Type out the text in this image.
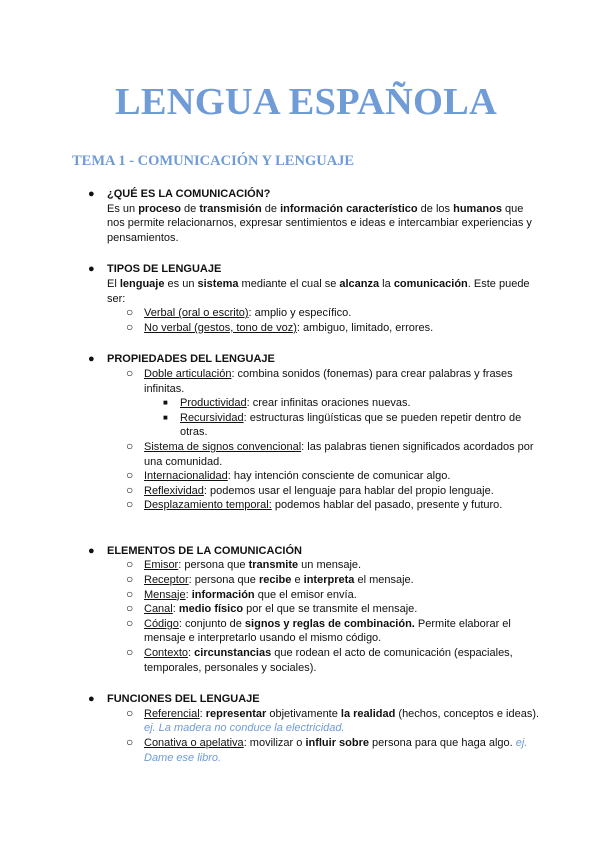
LENGUA ESPAÑOLA
TEMA 1 - COMUNICACIÓN Y LENGUAJE
● ¿QUÉ ES LA COMUNICACIÓN?
Es un proceso de transmisión de información característico de los humanos que nos permite relacionarnos, expresar sentimientos e ideas e intercambiar experiencias y pensamientos.
● TIPOS DE LENGUAJE
El lenguaje es un sistema mediante el cual se alcanza la comunicación. Este puede ser:
○ Verbal (oral o escrito): amplio y específico.
○ No verbal (gestos, tono de voz): ambiguo, limitado, errores.
● PROPIEDADES DEL LENGUAJE
○ Doble articulación: combina sonidos (fonemas) para crear palabras y frases infinitas.
■ Productividad: crear infinitas oraciones nuevas.
■ Recursividad: estructuras lingüísticas que se pueden repetir dentro de otras.
○ Sistema de signos convencional: las palabras tienen significados acordados por una comunidad.
○ Internacionalidad: hay intención consciente de comunicar algo.
○ Reflexividad: podemos usar el lenguaje para hablar del propio lenguaje.
○ Desplazamiento temporal: podemos hablar del pasado, presente y futuro.
● ELEMENTOS DE LA COMUNICACIÓN
○ Emisor: persona que transmite un mensaje.
○ Receptor: persona que recibe e interpreta el mensaje.
○ Mensaje: información que el emisor envía.
○ Canal: medio físico por el que se transmite el mensaje.
○ Código: conjunto de signos y reglas de combinación. Permite elaborar el mensaje e interpretarlo usando el mismo código.
○ Contexto: circunstancias que rodean el acto de comunicación (espaciales, temporales, personales y sociales).
● FUNCIONES DEL LENGUAJE
○ Referencial: representar objetivamente la realidad (hechos, conceptos e ideas). ej. La madera no conduce la electricidad.
○ Conativa o apelativa: movilizar o influir sobre persona para que haga algo. ej. Dame ese libro.
